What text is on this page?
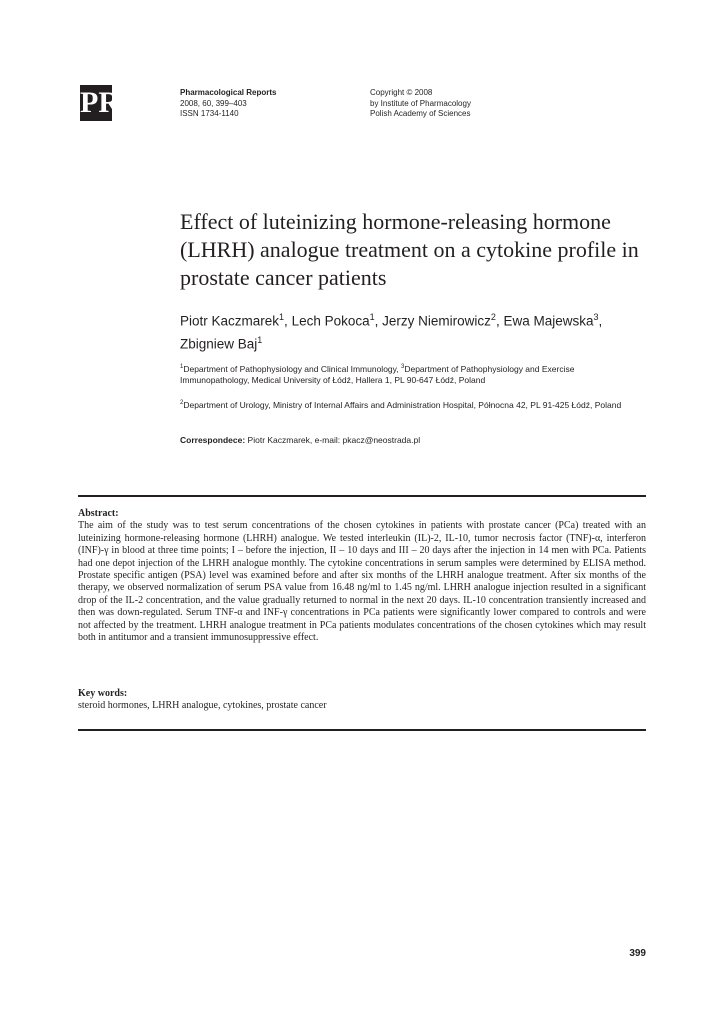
PR	Pharmacological Reports
2008, 60, 399–403
ISSN 1734-1140
Copyright © 2008
by Institute of Pharmacology
Polish Academy of Sciences
Effect of luteinizing hormone-releasing hormone (LHRH) analogue treatment on a cytokine profile in prostate cancer patients
Piotr Kaczmarek$^1$, Lech Pokoca$^1$, Jerzy Niemirowicz$^2$, Ewa Majewska$^3$, Zbigniew Baj$^1$
$^1$Department of Pathophysiology and Clinical Immunology, $^3$Department of Pathophysiology and Exercise Immunopathology, Medical University of Łódź, Hallera 1, PL 90-647 Łódź, Poland
$^2$Department of Urology, Ministry of Internal Affairs and Administration Hospital, Północna 42, PL 91-425 Łódź, Poland
Correspondece: Piotr Kaczmarek, e-mail: pkacz@neostrada.pl
Abstract:
The aim of the study was to test serum concentrations of the chosen cytokines in patients with prostate cancer (PCa) treated with an luteinizing hormone-releasing hormone (LHRH) analogue. We tested interleukin (IL)-2, IL-10, tumor necrosis factor (TNF)-α, interferon (INF)-γ in blood at three time points; I – before the injection, II – 10 days and III – 20 days after the injection in 14 men with PCa. Patients had one depot injection of the LHRH analogue monthly. The cytokine concentrations in serum samples were determined by ELISA method. Prostate specific antigen (PSA) level was examined before and after six months of the LHRH analogue treatment. After six months of the therapy, we observed normalization of serum PSA value from 16.48 ng/ml to 1.45 ng/ml. LHRH analogue injection resulted in a significant drop of the IL-2 concentration, and the value gradually returned to normal in the next 20 days. IL-10 concentration transiently increased and then was down-regulated. Serum TNF-α and INF-γ concentrations in PCa patients were significantly lower compared to controls and were not affected by the treatment. LHRH analogue treatment in PCa patients modulates concentrations of the chosen cytokines which may result both in antitumor and a transient immunosuppressive effect.
Key words:
steroid hormones, LHRH analogue, cytokines, prostate cancer
399
